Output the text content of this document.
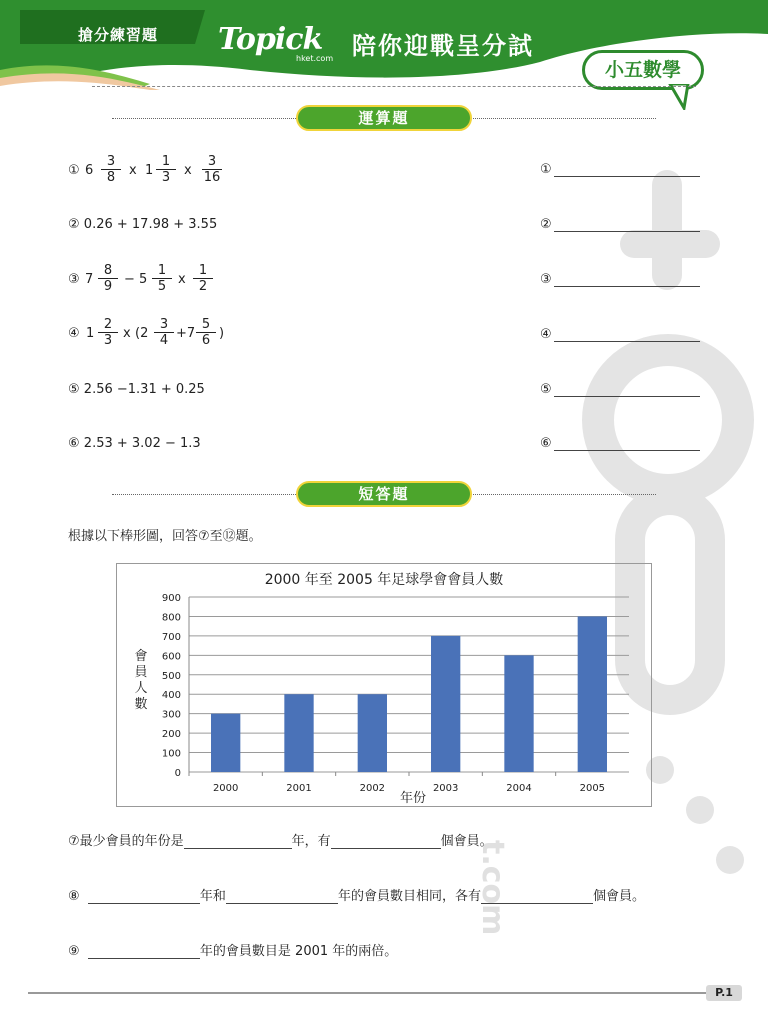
搶分練習題 Topick
hket.com 陪你迎戰呈分試
小五數學
t.com
運算題
① $6 \frac{3}{8}$ x $1 \frac{1}{3}$ x $\frac{3}{16}$	①
② 0.26 + 17.98 + 3.55	②
③ $7 \frac{8}{9} - 5 \frac{1}{5}$ x $\frac{1}{2}$	③
④ $1 \frac{2}{3}$ x ($2 \frac{3}{4} +7 \frac{5}{6}$ )	④
⑤ 2.56 −1.31 + 0.25	⑤
⑥ 2.53 + 3.02 − 1.3	⑥
短答題
根據以下棒形圖，回答⑦至⑫題。
2000 年至 2005 年足球學會會員人數
年份
0
100
200
300
400
500
600
700
800
900
2000	2001	2002	2003	2004	2005
會
員
人
數
⑦最少會員的年份是	年，有	個會員。
⑧	年和	年的會員數目相同，各有	個會員。
⑨	年的會員數目是 2001 年的兩倍。
P.1
